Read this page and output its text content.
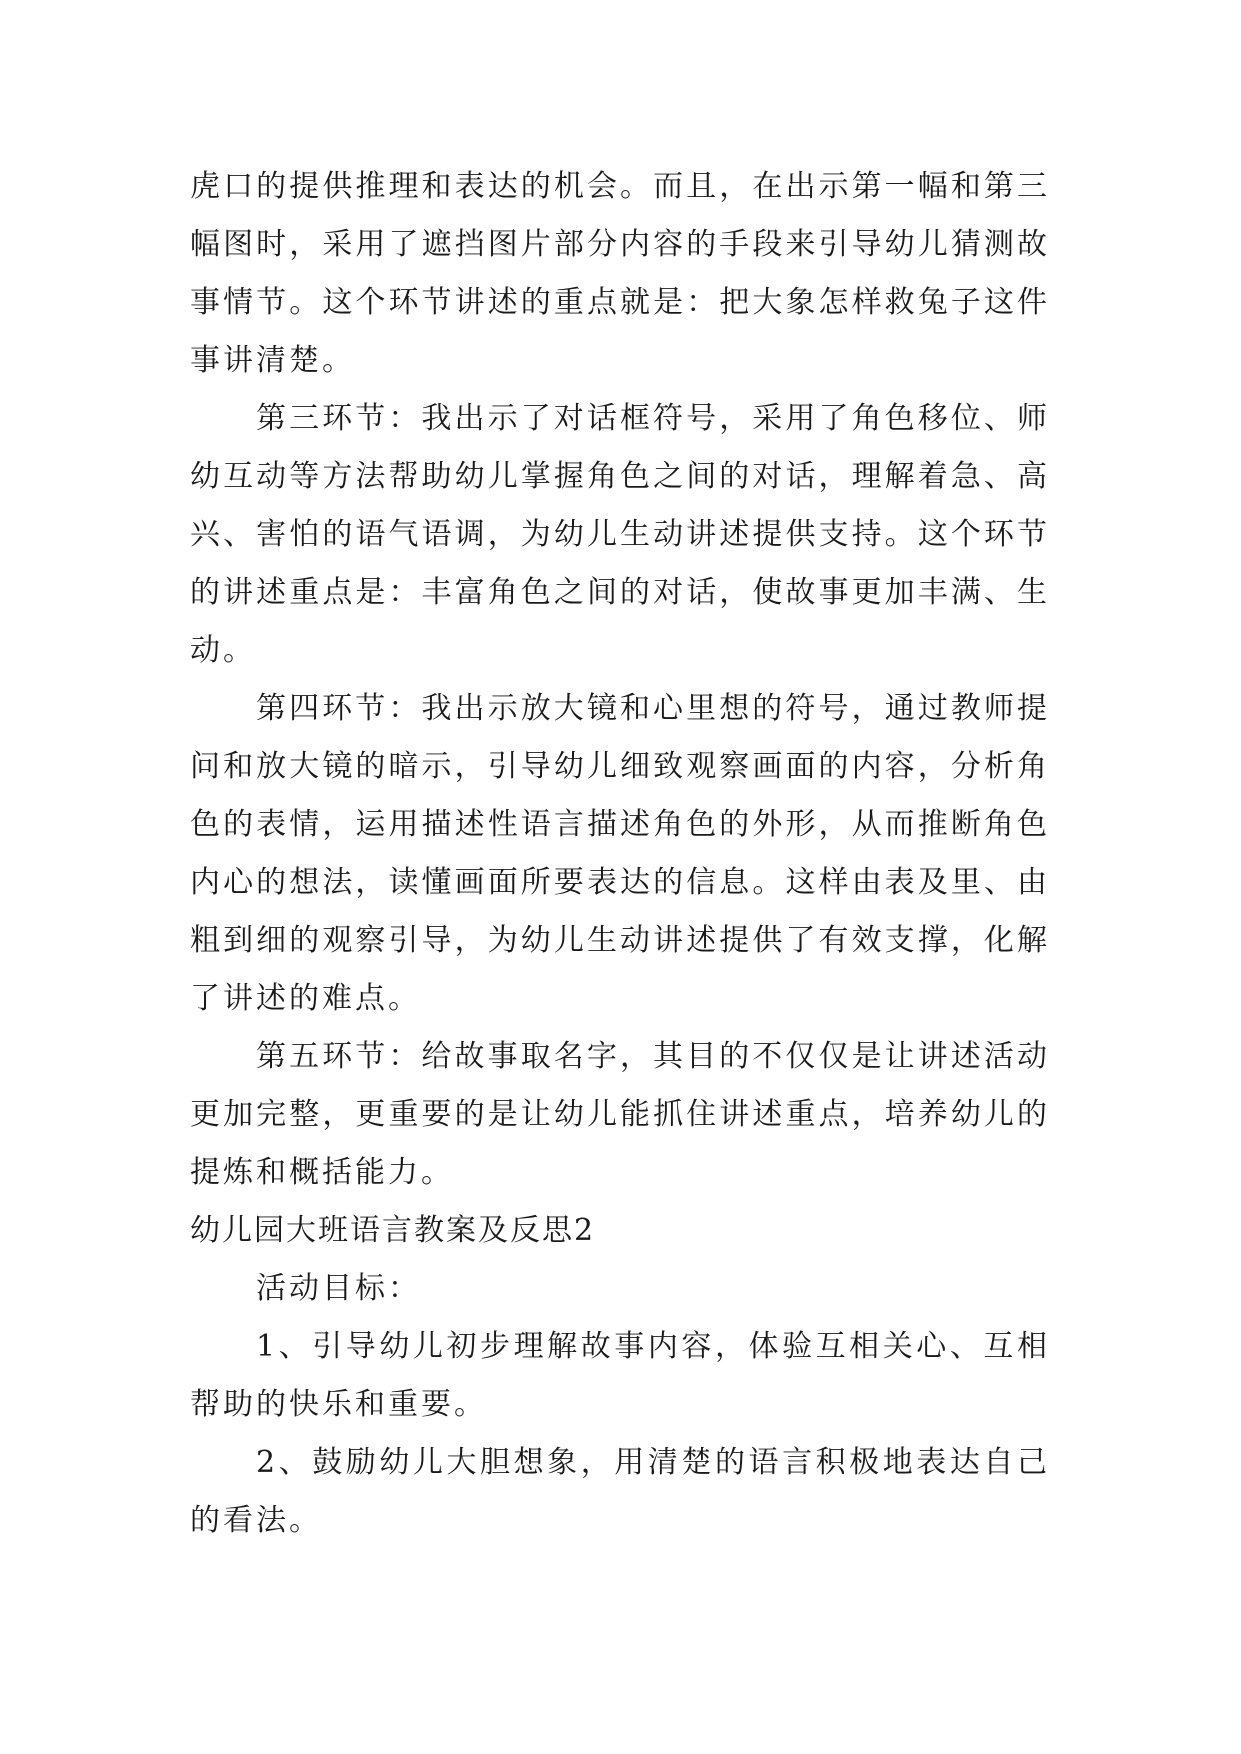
虎口的提供推理和表达的机会。而且，在出示第一幅和第三幅图时，采用了遮挡图片部分内容的手段来引导幼儿猜测故事情节。这个环节讲述的重点就是：把大象怎样救兔子这件事讲清楚。

第三环节：我出示了对话框符号，采用了角色移位、师幼互动等方法帮助幼儿掌握角色之间的对话，理解着急、高兴、害怕的语气语调，为幼儿生动讲述提供支持。这个环节的讲述重点是：丰富角色之间的对话，使故事更加丰满、生动。

第四环节：我出示放大镜和心里想的符号，通过教师提问和放大镜的暗示，引导幼儿细致观察画面的内容，分析角色的表情，运用描述性语言描述角色的外形，从而推断角色内心的想法，读懂画面所要表达的信息。这样由表及里、由粗到细的观察引导，为幼儿生动讲述提供了有效支撑，化解了讲述的难点。

第五环节：给故事取名字，其目的不仅仅是让讲述活动更加完整，更重要的是让幼儿能抓住讲述重点，培养幼儿的提炼和概括能力。

幼儿园大班语言教案及反思2

活动目标：

1、引导幼儿初步理解故事内容，体验互相关心、互相帮助的快乐和重要。

2、鼓励幼儿大胆想象，用清楚的语言积极地表达自己的看法。
